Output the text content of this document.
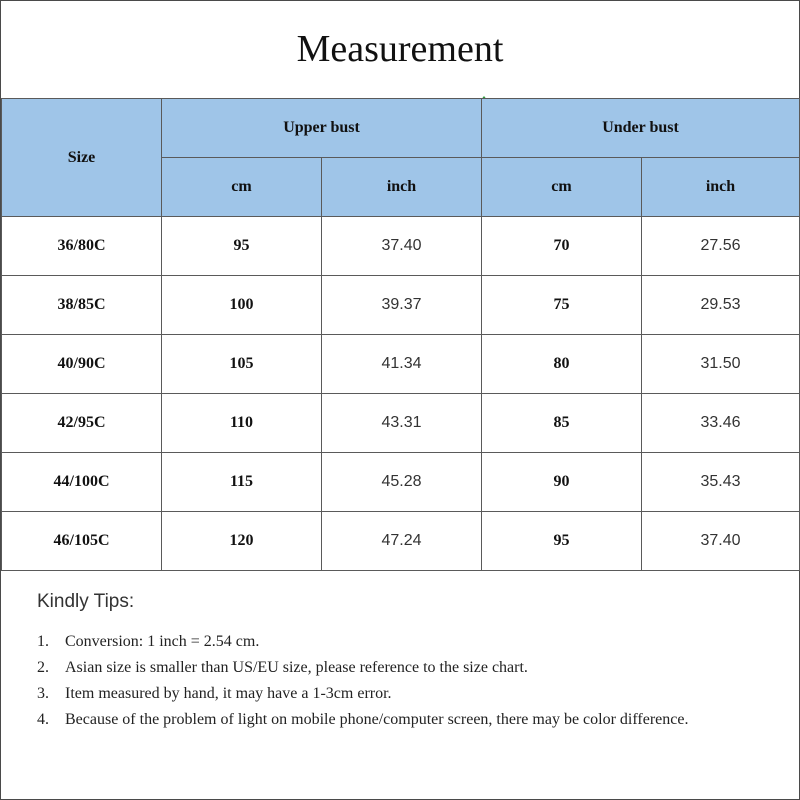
Measurement
Size	Upper bust		Under bust	
	cm	inch	cm	inch
36/80C	95	37.40	70	27.56
38/85C	100	39.37	75	29.53
40/90C	105	41.34	80	31.50
42/95C	110	43.31	85	33.46
44/100C	115	45.28	90	35.43
46/105C	120	47.24	95	37.40
Kindly Tips:
1.	Conversion: 1 inch = 2.54 cm.
2.	Asian size is smaller than US/EU size, please reference to the size chart.
3.	Item measured by hand, it may have a 1-3cm error.
4.	Because of the problem of light on mobile phone/computer screen, there may be color difference.
